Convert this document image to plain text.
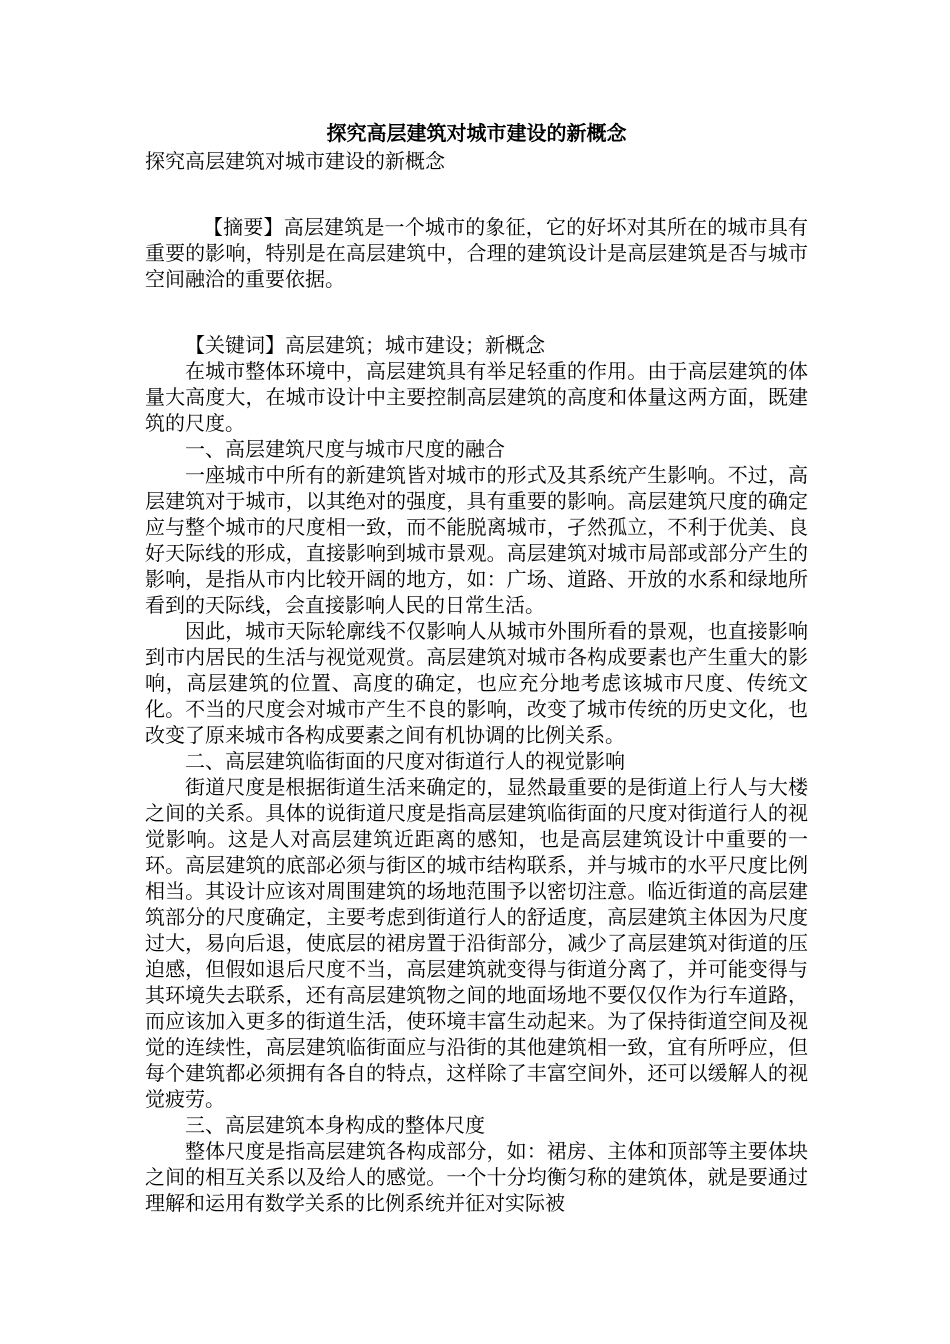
探究高层建筑对城市建设的新概念
探究高层建筑对城市建设的新概念

【摘要】高层建筑是一个城市的象征，它的好坏对其所在的城市具有重要的影响，特别是在高层建筑中，合理的建筑设计是高层建筑是否与城市空间融洽的重要依据。

【关键词】高层建筑；城市建设；新概念

在城市整体环境中，高层建筑具有举足轻重的作用。由于高层建筑的体量大高度大，在城市设计中主要控制高层建筑的高度和体量这两方面，既建筑的尺度。

一、高层建筑尺度与城市尺度的融合

一座城市中所有的新建筑皆对城市的形式及其系统产生影响。不过，高层建筑对于城市，以其绝对的强度，具有重要的影响。高层建筑尺度的确定应与整个城市的尺度相一致，而不能脱离城市，孑然孤立，不利于优美、良好天际线的形成，直接影响到城市景观。高层建筑对城市局部或部分产生的影响，是指从市内比较开阔的地方，如：广场、道路、开放的水系和绿地所看到的天际线，会直接影响人民的日常生活。

因此，城市天际轮廓线不仅影响人从城市外围所看的景观，也直接影响到市内居民的生活与视觉观赏。高层建筑对城市各构成要素也产生重大的影响，高层建筑的位置、高度的确定，也应充分地考虑该城市尺度、传统文化。不当的尺度会对城市产生不良的影响，改变了城市传统的历史文化，也改变了原来城市各构成要素之间有机协调的比例关系。

二、高层建筑临街面的尺度对街道行人的视觉影响

街道尺度是根据街道生活来确定的，显然最重要的是街道上行人与大楼之间的关系。具体的说街道尺度是指高层建筑临街面的尺度对街道行人的视觉影响。这是人对高层建筑近距离的感知，也是高层建筑设计中重要的一环。高层建筑的底部必须与街区的城市结构联系，并与城市的水平尺度比例相当。其设计应该对周围建筑的场地范围予以密切注意。临近街道的高层建筑部分的尺度确定，主要考虑到街道行人的舒适度，高层建筑主体因为尺度过大，易向后退，使底层的裙房置于沿街部分，减少了高层建筑对街道的压迫感，但假如退后尺度不当，高层建筑就变得与街道分离了，并可能变得与其环境失去联系，还有高层建筑物之间的地面场地不要仅仅作为行车道路，而应该加入更多的街道生活，使环境丰富生动起来。为了保持街道空间及视觉的连续性，高层建筑临街面应与沿街的其他建筑相一致，宜有所呼应，但每个建筑都必须拥有各自的特点，这样除了丰富空间外，还可以缓解人的视觉疲劳。

三、高层建筑本身构成的整体尺度

整体尺度是指高层建筑各构成部分，如：裙房、主体和顶部等主要体块之间的相互关系以及给人的感觉。一个十分均衡匀称的建筑体，就是要通过理解和运用有数学关系的比例系统并征对实际被
